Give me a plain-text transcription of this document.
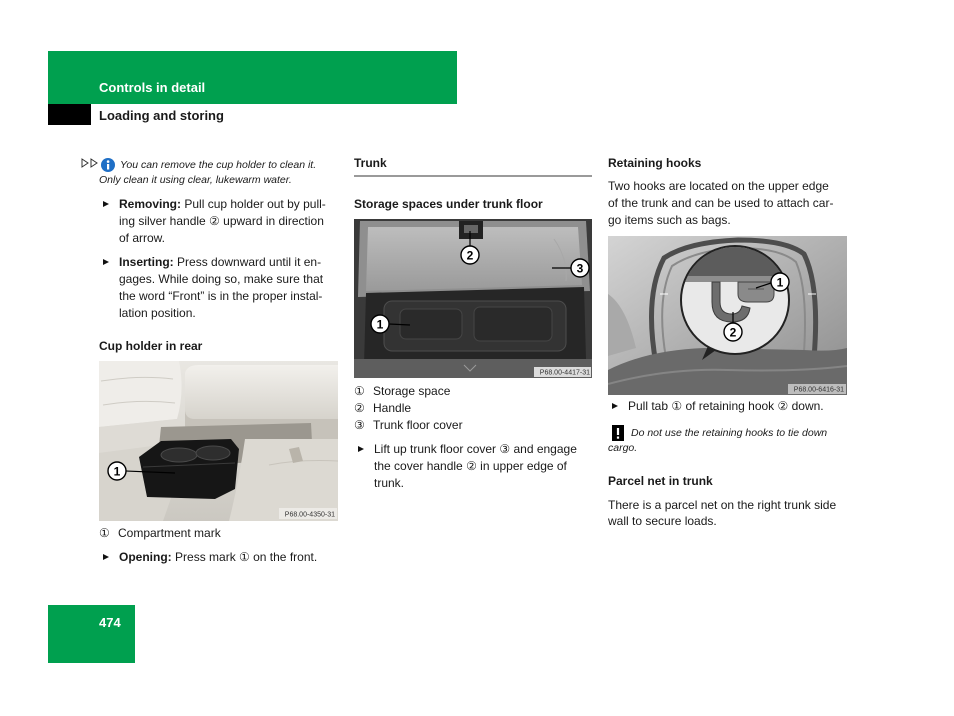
Controls in detail
Loading and storing
You can remove the cup holder to clean it.
Only clean it using clear, lukewarm water.
Removing: Pull cup holder out by pull-
ing silver handle ② upward in direction
of arrow.
Inserting: Press downward until it en-
gages. While doing so, make sure that
the word “Front” is in the proper instal-
lation position.
Cup holder in rear
1
P68.00-4350-31
① Compartment mark
Opening: Press mark ① on the front.
Trunk
Storage spaces under trunk floor
2
3
1
P68.00-4417-31
① Storage space
② Handle
③ Trunk floor cover
Lift up trunk floor cover ③ and engage
the cover handle ② in upper edge of
trunk.
Retaining hooks
Two hooks are located on the upper edge
of the trunk and can be used to attach car-
go items such as bags.
1
2
P68.00-6416-31
Pull tab ① of retaining hook ② down.
Do not use the retaining hooks to tie down
cargo.
Parcel net in trunk
There is a parcel net on the right trunk side
wall to secure loads.
474
